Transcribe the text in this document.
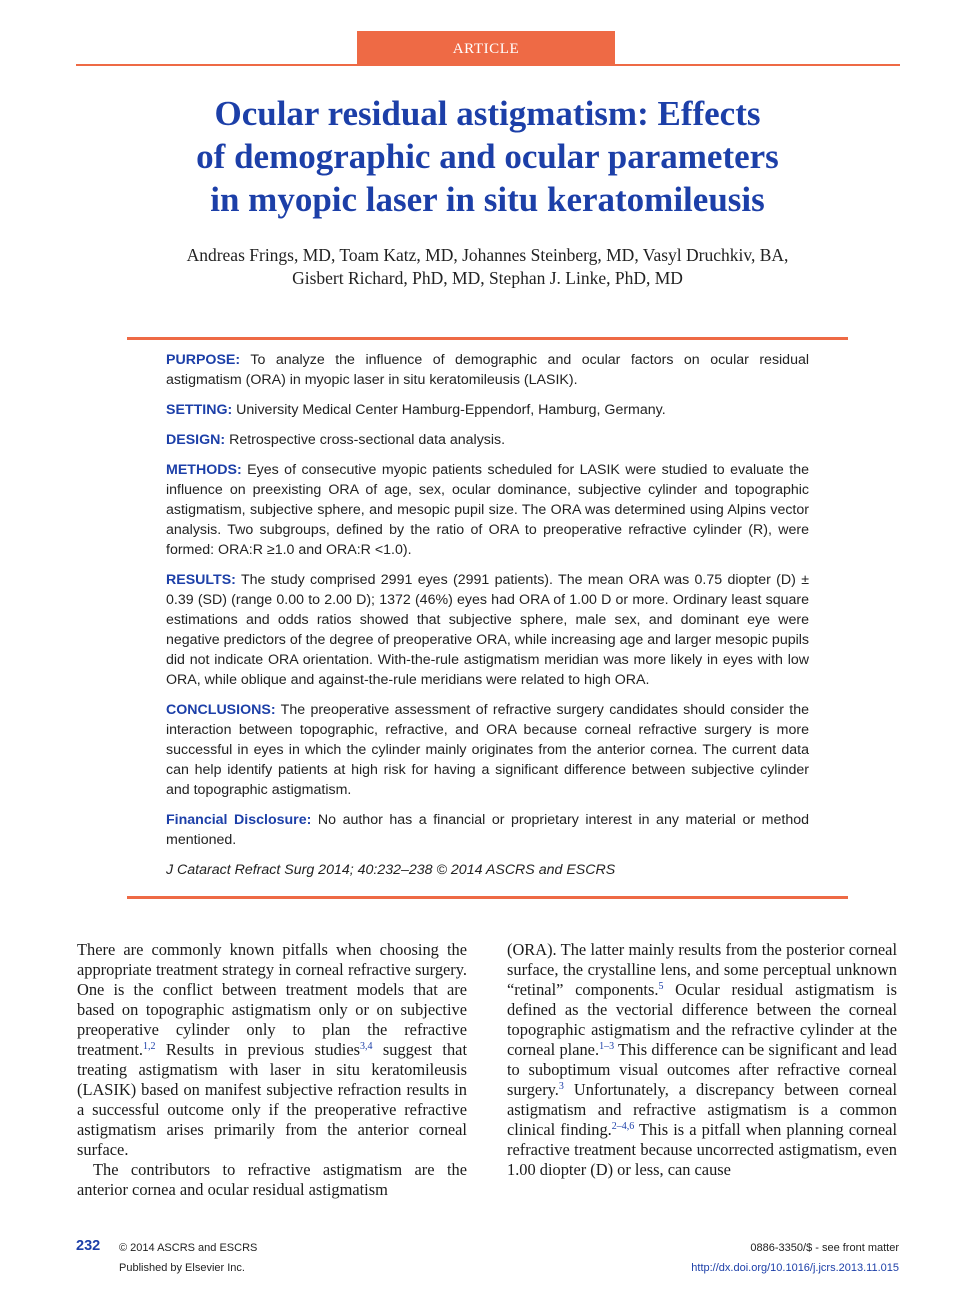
ARTICLE
Ocular residual astigmatism: Effects
of demographic and ocular parameters
in myopic laser in situ keratomileusis
Andreas Frings, MD, Toam Katz, MD, Johannes Steinberg, MD, Vasyl Druchkiv, BA,
Gisbert Richard, PhD, MD, Stephan J. Linke, PhD, MD

PURPOSE: To analyze the influence of demographic and ocular factors on ocular residual astigmatism (ORA) in myopic laser in situ keratomileusis (LASIK).

SETTING: University Medical Center Hamburg-Eppendorf, Hamburg, Germany.

DESIGN: Retrospective cross-sectional data analysis.

METHODS: Eyes of consecutive myopic patients scheduled for LASIK were studied to evaluate the influence on preexisting ORA of age, sex, ocular dominance, subjective cylinder and topographic astigmatism, subjective sphere, and mesopic pupil size. The ORA was determined using Alpins vector analysis. Two subgroups, defined by the ratio of ORA to preoperative refractive cylinder (R), were formed: ORA:R ≥1.0 and ORA:R <1.0).

RESULTS: The study comprised 2991 eyes (2991 patients). The mean ORA was 0.75 diopter (D) ± 0.39 (SD) (range 0.00 to 2.00 D); 1372 (46%) eyes had ORA of 1.00 D or more. Ordinary least square estimations and odds ratios showed that subjective sphere, male sex, and dominant eye were negative predictors of the degree of preoperative ORA, while increasing age and larger mesopic pupils did not indicate ORA orientation. With-the-rule astigmatism meridian was more likely in eyes with low ORA, while oblique and against-the-rule meridians were related to high ORA.

CONCLUSIONS: The preoperative assessment of refractive surgery candidates should consider the interaction between topographic, refractive, and ORA because corneal refractive surgery is more successful in eyes in which the cylinder mainly originates from the anterior cornea. The current data can help identify patients at high risk for having a significant difference between subjective cylinder and topographic astigmatism.

Financial Disclosure: No author has a financial or proprietary interest in any material or method mentioned.

J Cataract Refract Surg 2014; 40:232–238 © 2014 ASCRS and ESCRS

There are commonly known pitfalls when choosing the appropriate treatment strategy in corneal refractive surgery. One is the conflict between treatment models that are based on topographic astigmatism only or on subjective preoperative cylinder only to plan the refractive treatment.$^{1,2}$ Results in previous studies$^{3,4}$ suggest that treating astigmatism with laser in situ keratomileusis (LASIK) based on manifest subjective refraction results in a successful outcome only if the preoperative refractive astigmatism arises primarily from the anterior corneal surface.

The contributors to refractive astigmatism are the anterior cornea and ocular residual astigmatism

(ORA). The latter mainly results from the posterior corneal surface, the crystalline lens, and some perceptual unknown “retinal” components.$^5$ Ocular residual astigmatism is defined as the vectorial difference between the corneal topographic astigmatism and the refractive cylinder at the corneal plane.$^{1-3}$ This difference can be significant and lead to suboptimum visual outcomes after refractive corneal surgery.$^3$ Unfortunately, a discrepancy between corneal astigmatism and refractive astigmatism is a common clinical finding.$^{2-4,6}$ This is a pitfall when planning corneal refractive treatment because uncorrected astigmatism, even 1.00 diopter (D) or less, can cause

232 © 2014 ASCRS and ESCRS
Published by Elsevier Inc.
0886-3350/$ - see front matter
http://dx.doi.org/10.1016/j.jcrs.2013.11.015
